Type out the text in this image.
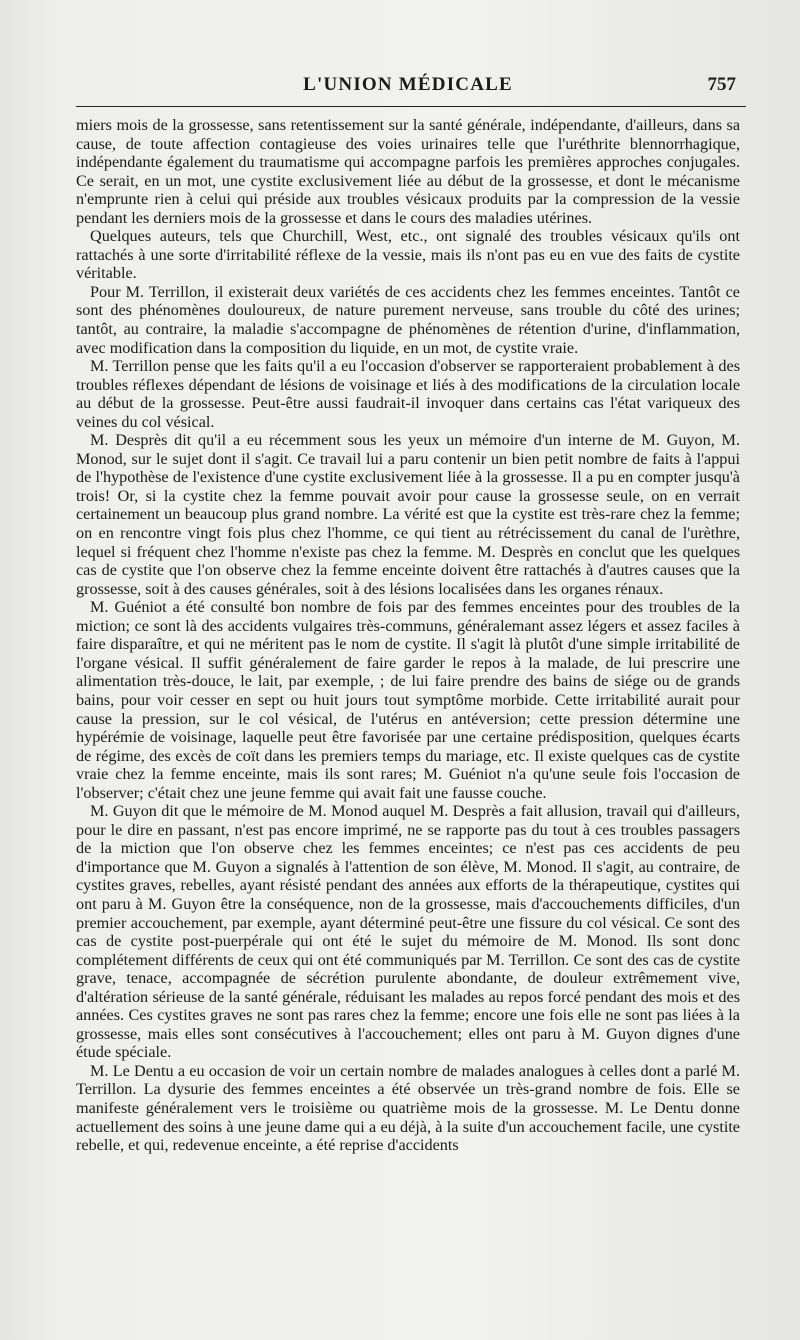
L'UNION MÉDICALE	757

miers mois de la grossesse, sans retentissement sur la santé générale, indépendante, d'ailleurs, dans sa cause, de toute affection contagieuse des voies urinaires telle que l'uréthrite blennorrhagique, indépendante également du traumatisme qui accompagne parfois les premières approches conjugales. Ce serait, en un mot, une cystite exclusivement liée au début de la grossesse, et dont le mécanisme n'emprunte rien à celui qui préside aux troubles vésicaux produits par la compression de la vessie pendant les derniers mois de la grossesse et dans le cours des maladies utérines.

Quelques auteurs, tels que Churchill, West, etc., ont signalé des troubles vésicaux qu'ils ont rattachés à une sorte d'irritabilité réflexe de la vessie, mais ils n'ont pas eu en vue des faits de cystite véritable.

Pour M. Terrillon, il existerait deux variétés de ces accidents chez les femmes enceintes. Tantôt ce sont des phénomènes douloureux, de nature purement nerveuse, sans trouble du côté des urines; tantôt, au contraire, la maladie s'accompagne de phénomènes de rétention d'urine, d'inflammation, avec modification dans la composition du liquide, en un mot, de cystite vraie.

M. Terrillon pense que les faits qu'il a eu l'occasion d'observer se rapporteraient probablement à des troubles réflexes dépendant de lésions de voisinage et liés à des modifications de la circulation locale au début de la grossesse. Peut-être aussi faudrait-il invoquer dans certains cas l'état variqueux des veines du col vésical.

M. Desprès dit qu'il a eu récemment sous les yeux un mémoire d'un interne de M. Guyon, M. Monod, sur le sujet dont il s'agit. Ce travail lui a paru contenir un bien petit nombre de faits à l'appui de l'hypothèse de l'existence d'une cystite exclusivement liée à la grossesse. Il a pu en compter jusqu'à trois! Or, si la cystite chez la femme pouvait avoir pour cause la grossesse seule, on en verrait certainement un beaucoup plus grand nombre. La vérité est que la cystite est très-rare chez la femme; on en rencontre vingt fois plus chez l'homme, ce qui tient au rétrécissement du canal de l'urèthre, lequel si fréquent chez l'homme n'existe pas chez la femme. M. Desprès en conclut que les quelques cas de cystite que l'on observe chez la femme enceinte doivent être rattachés à d'autres causes que la grossesse, soit à des causes générales, soit à des lésions localisées dans les organes rénaux.

M. Guéniot a été consulté bon nombre de fois par des femmes enceintes pour des troubles de la miction; ce sont là des accidents vulgaires très-communs, généralemant assez légers et assez faciles à faire disparaître, et qui ne méritent pas le nom de cystite. Il s'agit là plutôt d'une simple irritabilité de l'organe vésical. Il suffit généralement de faire garder le repos à la malade, de lui prescrire une alimentation très-douce, le lait, par exemple, ; de lui faire prendre des bains de siége ou de grands bains, pour voir cesser en sept ou huit jours tout symptôme morbide. Cette irritabilité aurait pour cause la pression, sur le col vésical, de l'utérus en antéversion; cette pression détermine une hypérémie de voisinage, laquelle peut être favorisée par une certaine prédisposition, quelques écarts de régime, des excès de coït dans les premiers temps du mariage, etc. Il existe quelques cas de cystite vraie chez la femme enceinte, mais ils sont rares; M. Guéniot n'a qu'une seule fois l'occasion de l'observer; c'était chez une jeune femme qui avait fait une fausse couche.

M. Guyon dit que le mémoire de M. Monod auquel M. Desprès a fait allusion, travail qui d'ailleurs, pour le dire en passant, n'est pas encore imprimé, ne se rapporte pas du tout à ces troubles passagers de la miction que l'on observe chez les femmes enceintes; ce n'est pas ces accidents de peu d'importance que M. Guyon a signalés à l'attention de son élève, M. Monod. Il s'agit, au contraire, de cystites graves, rebelles, ayant résisté pendant des années aux efforts de la thérapeutique, cystites qui ont paru à M. Guyon être la conséquence, non de la grossesse, mais d'accouchements difficiles, d'un premier accouchement, par exemple, ayant déterminé peut-être une fissure du col vésical. Ce sont des cas de cystite post-puerpérale qui ont été le sujet du mémoire de M. Monod. Ils sont donc complétement différents de ceux qui ont été communiqués par M. Terrillon. Ce sont des cas de cystite grave, tenace, accompagnée de sécrétion purulente abondante, de douleur extrêmement vive, d'altération sérieuse de la santé générale, réduisant les malades au repos forcé pendant des mois et des années. Ces cystites graves ne sont pas rares chez la femme; encore une fois elle ne sont pas liées à la grossesse, mais elles sont consécutives à l'accouchement; elles ont paru à M. Guyon dignes d'une étude spéciale.

M. Le Dentu a eu occasion de voir un certain nombre de malades analogues à celles dont a parlé M. Terrillon. La dysurie des femmes enceintes a été observée un très-grand nombre de fois. Elle se manifeste généralement vers le troisième ou quatrième mois de la grossesse. M. Le Dentu donne actuellement des soins à une jeune dame qui a eu déjà, à la suite d'un accouchement facile, une cystite rebelle, et qui, redevenue enceinte, a été reprise d'accidents
